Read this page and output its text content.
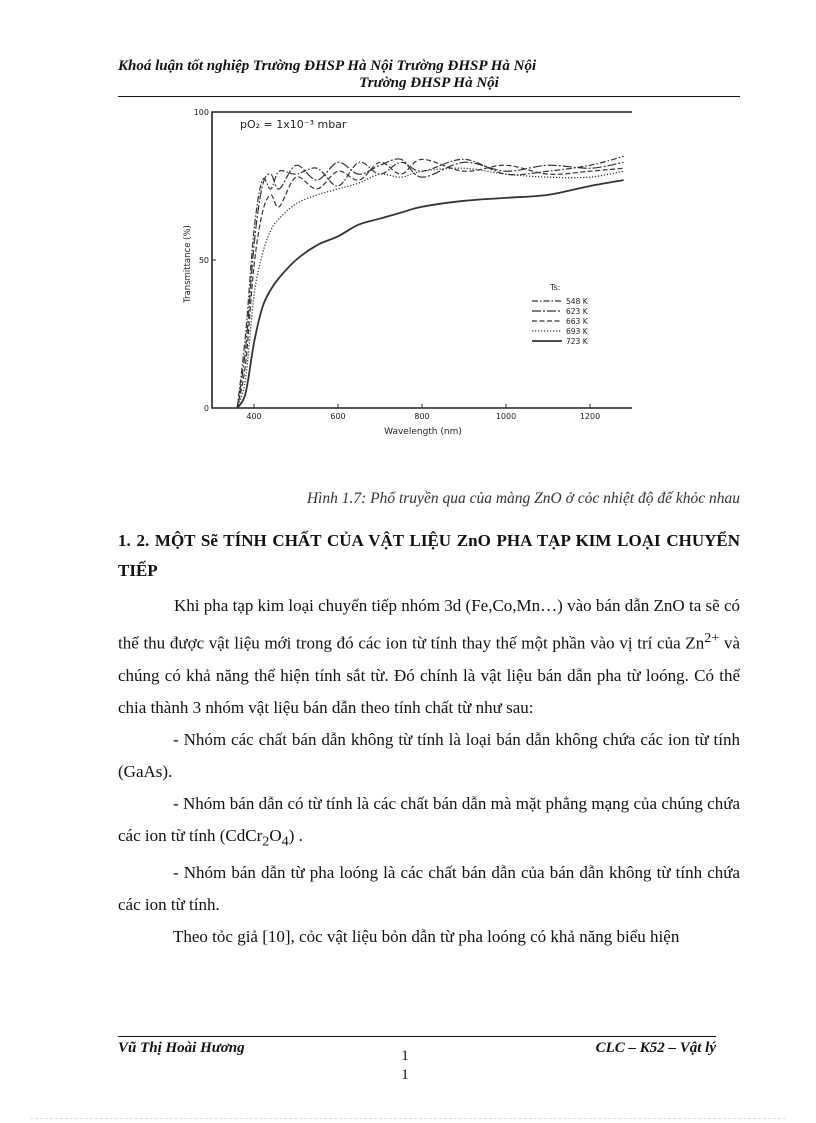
Khoá luận tốt nghiệp Trường ĐHSP Hà Nội Trường ĐHSP Hà Nội
Trường ĐHSP Hà Nội
400	600	800	1000	1200
0
50
100
Ts:
548 K
623 K
663 K
693 K
723 K
pO₂ = 1x10⁻³ mbar
Transmittance (%)
Wavelength (nm)
Hình 1.7: Phổ truyền qua của màng ZnO ở cỏc nhiệt độ đế khỏc nhau
1. 2. MỘT Sẽ TÍNH CHẤT CỦA VẬT LIỆU ZnO PHA TẠP KIM LOẠI CHUYỂN TIẾP

Khi pha tạp kim loại chuyển tiếp nhóm 3d (Fe,Co,Mn…) vào bán dẫn ZnO ta sẽ có thể thu được vật liệu mới trong đó các ion từ tính thay thế một phần vào vị trí của $Zn^{2+}$ và chúng có khả năng thể hiện tính sắt từ. Đó chính là vật liệu bán dẫn pha từ loóng. Có thể chia thành 3 nhóm vật liệu bán dẫn theo tính chất từ như sau:

- Nhóm các chất bán dẫn không từ tính là loại bán dẫn không chứa các ion từ tính (GaAs).

- Nhóm bán dẫn có từ tính là các chất bán dẫn mà mặt phẳng mạng của chúng chứa các ion từ tính $(CdCr_2O_4)$ .

- Nhóm bán dẫn từ pha loóng là các chất bán dẫn của bán dẫn không từ tính chứa các ion từ tính.

Theo tỏc giả [10], cỏc vật liệu bỏn dẫn từ pha loóng có khả năng biểu hiện

Vũ Thị Hoài Hương	1
1
CLC – K52 – Vật lý
